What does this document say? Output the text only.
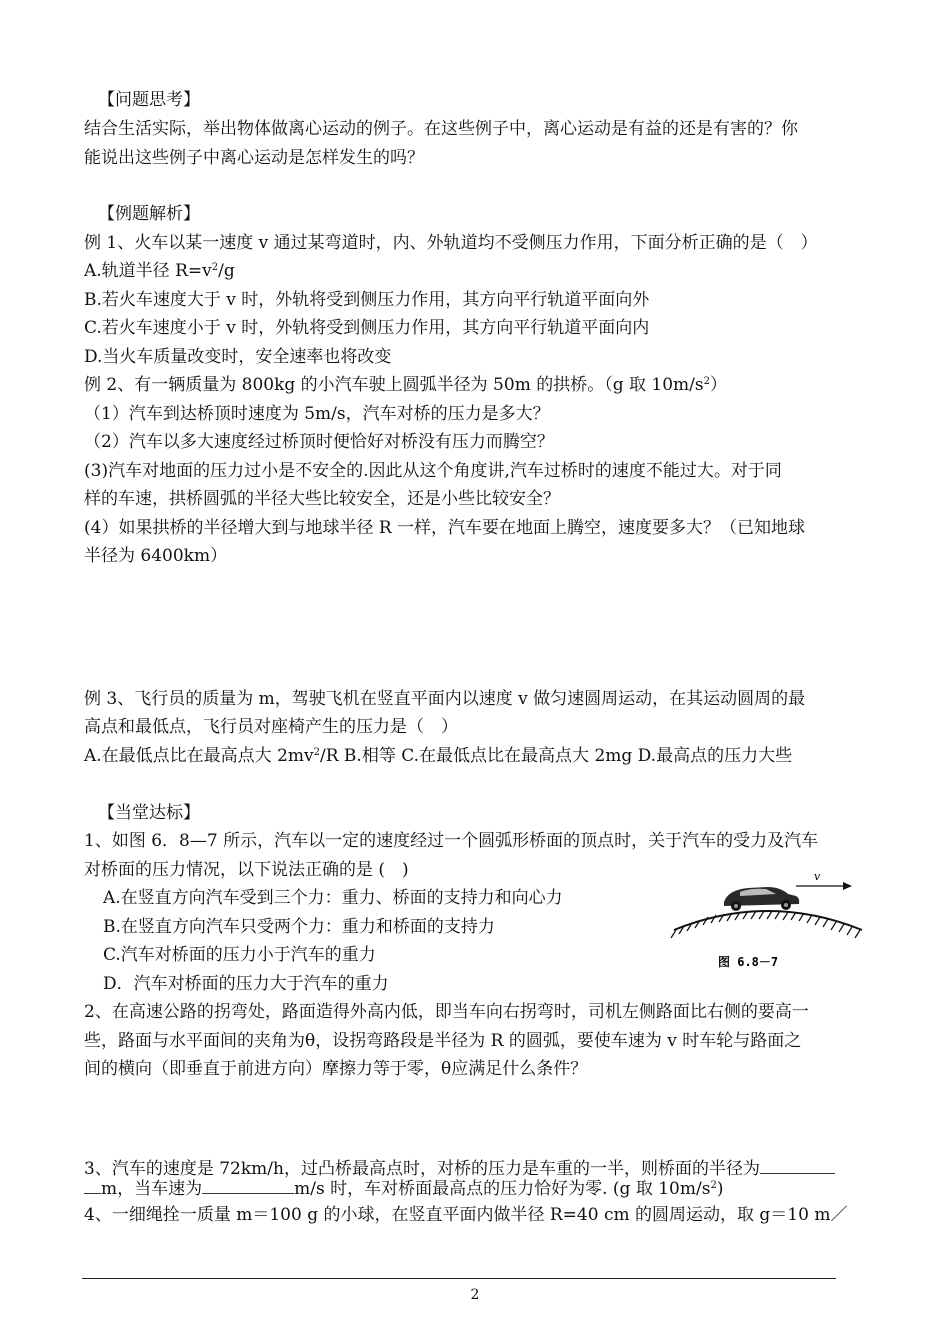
【问题思考】
结合生活实际，举出物体做离心运动的例子。在这些例子中，离心运动是有益的还是有害的？你
能说出这些例子中离心运动是怎样发生的吗？
【例题解析】
例 1、火车以某一速度 v 通过某弯道时，内、外轨道均不受侧压力作用，下面分析正确的是（　）
A.轨道半径 $R=v^2/g$
B.若火车速度大于 v 时，外轨将受到侧压力作用，其方向平行轨道平面向外
C.若火车速度小于 v 时，外轨将受到侧压力作用，其方向平行轨道平面向内
D.当火车质量改变时，安全速率也将改变
例 2、有一辆质量为 800kg 的小汽车驶上圆弧半径为 50m 的拱桥。（g 取 $10m/s^2$）
（1）汽车到达桥顶时速度为 5m/s，汽车对桥的压力是多大？
（2）汽车以多大速度经过桥顶时便恰好对桥没有压力而腾空？
(3)汽车对地面的压力过小是不安全的.因此从这个角度讲,汽车过桥时的速度不能过大。对于同
样的车速，拱桥圆弧的半径大些比较安全，还是小些比较安全？
(4）如果拱桥的半径增大到与地球半径 R 一样，汽车要在地面上腾空，速度要多大？（已知地球
半径为 6400km）
例 3、飞行员的质量为 m，驾驶飞机在竖直平面内以速度 v 做匀速圆周运动，在其运动圆周的最
高点和最低点，飞行员对座椅产生的压力是（　）
A.在最低点比在最高点大 $2mv^2/R$ B.相等 C.在最低点比在最高点大 2mg D.最高点的压力大些
【当堂达标】
1、如图 6．8—7 所示，汽车以一定的速度经过一个圆弧形桥面的顶点时，关于汽车的受力及汽车
对桥面的压力情况，以下说法正确的是 (　)
A.在竖直方向汽车受到三个力：重力、桥面的支持力和向心力
B.在竖直方向汽车只受两个力：重力和桥面的支持力
C.汽车对桥面的压力小于汽车的重力
D．汽车对桥面的压力大于汽车的重力
v
图 6.8－7
2、在高速公路的拐弯处，路面造得外高内低，即当车向右拐弯时，司机左侧路面比右侧的要高一
些，路面与水平面间的夹角为θ，设拐弯路段是半径为 R 的圆弧，要使车速为 v 时车轮与路面之
间的横向（即垂直于前进方向）摩擦力等于零，θ应满足什么条件？
3、汽车的速度是 72km/h，过凸桥最高点时，对桥的压力是车重的一半，则桥面的半径为
m，当车速为	m/s 时，车对桥面最高点的压力恰好为零. (g 取 $10m/s^2$)
4、一细绳拴一质量 m＝100 g 的小球，在竖直平面内做半径 R=40 cm 的圆周运动，取 g＝10 m／
2
